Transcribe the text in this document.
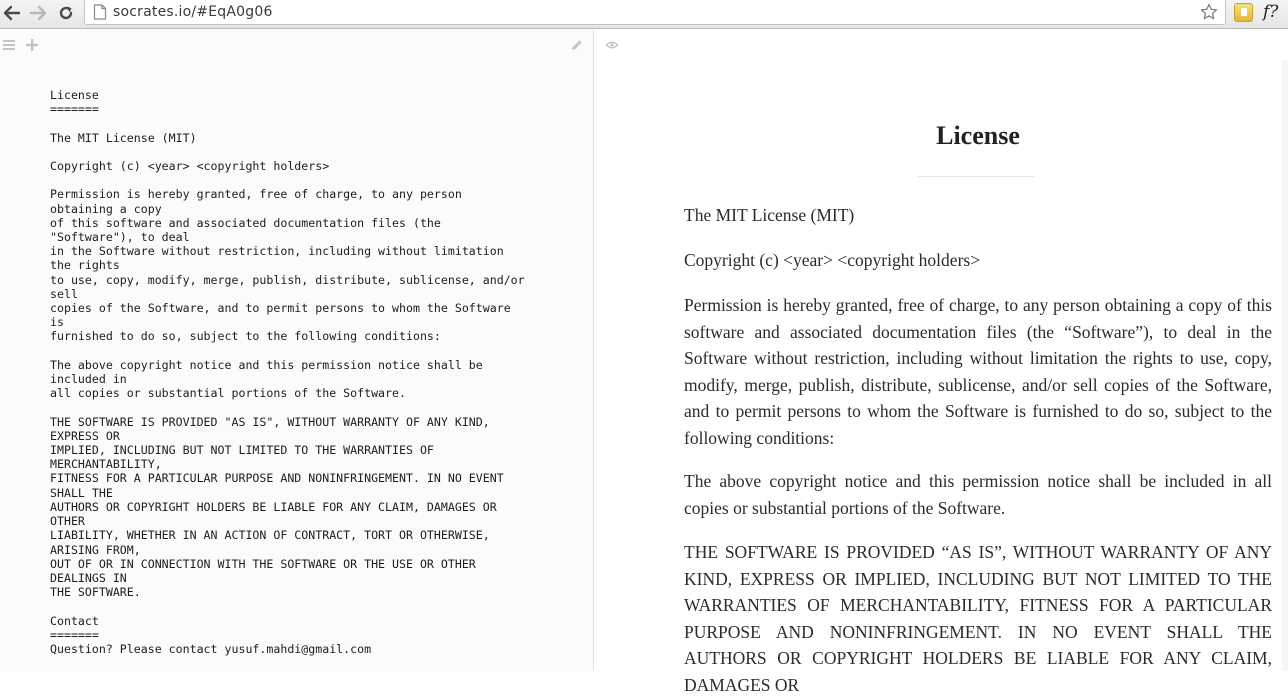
socrates.io/#EqA0g06	f?
License
=======

The MIT License (MIT)

Copyright (c) <year> <copyright holders>

Permission is hereby granted, free of charge, to any person
obtaining a copy
of this software and associated documentation files (the
"Software"), to deal
in the Software without restriction, including without limitation
the rights
to use, copy, modify, merge, publish, distribute, sublicense, and/or
sell
copies of the Software, and to permit persons to whom the Software
is
furnished to do so, subject to the following conditions:

The above copyright notice and this permission notice shall be
included in
all copies or substantial portions of the Software.

THE SOFTWARE IS PROVIDED "AS IS", WITHOUT WARRANTY OF ANY KIND,
EXPRESS OR
IMPLIED, INCLUDING BUT NOT LIMITED TO THE WARRANTIES OF
MERCHANTABILITY,
FITNESS FOR A PARTICULAR PURPOSE AND NONINFRINGEMENT. IN NO EVENT
SHALL THE
AUTHORS OR COPYRIGHT HOLDERS BE LIABLE FOR ANY CLAIM, DAMAGES OR
OTHER
LIABILITY, WHETHER IN AN ACTION OF CONTRACT, TORT OR OTHERWISE,
ARISING FROM,
OUT OF OR IN CONNECTION WITH THE SOFTWARE OR THE USE OR OTHER
DEALINGS IN
THE SOFTWARE.

Contact
=======
Question? Please contact yusuf.mahdi@gmail.com
License

The MIT License (MIT)

Copyright (c) <year> <copyright holders>

Permission is hereby granted, free of charge, to any person obtaining a copy of this software and associated documentation files (the “Software”), to deal in the Software without restriction, including without limitation the rights to use, copy, modify, merge, publish, distribute, sublicense, and/or sell copies of the Software, and to permit persons to whom the Software is furnished to do so, subject to the following conditions:

The above copyright notice and this permission notice shall be included in all copies or substantial portions of the Software.

THE SOFTWARE IS PROVIDED “AS IS”, WITHOUT WARRANTY OF ANY KIND, EXPRESS OR IMPLIED, INCLUDING BUT NOT LIMITED TO THE WARRANTIES OF MERCHANTABILITY, FITNESS FOR A PARTICULAR PURPOSE AND NONINFRINGEMENT. IN NO EVENT SHALL THE AUTHORS OR COPYRIGHT HOLDERS BE LIABLE FOR ANY CLAIM, DAMAGES OR
